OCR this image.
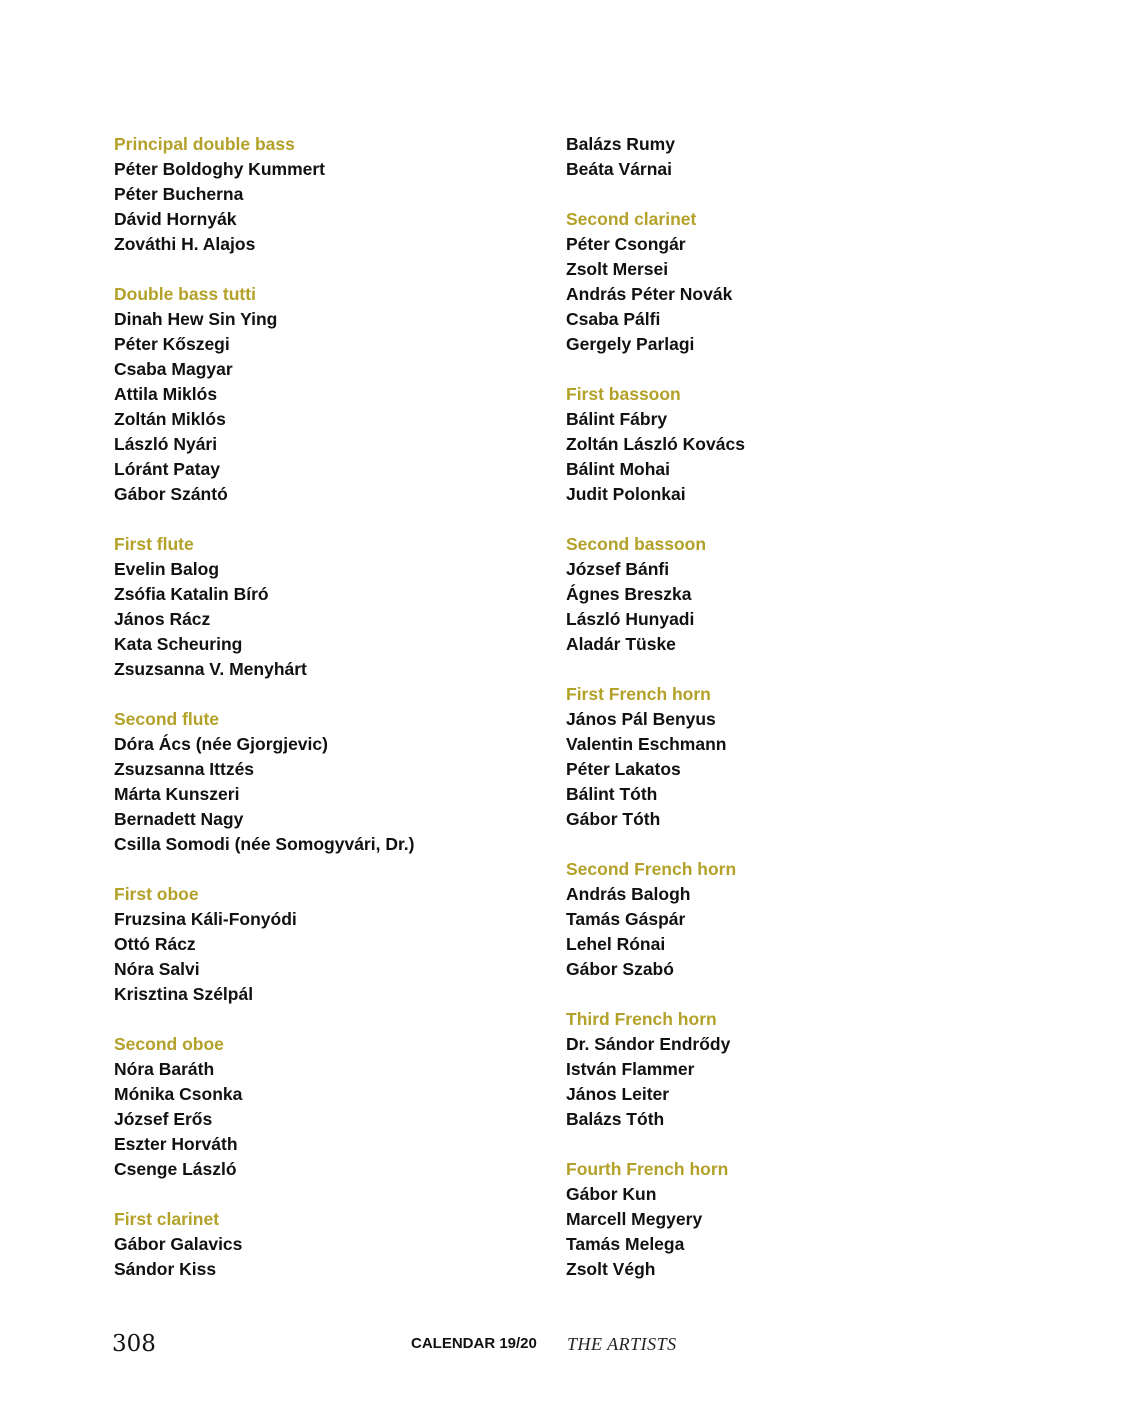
Principal double bass
Péter Boldoghy Kummert
Péter Bucherna
Dávid Hornyák
Zováthi H. Alajos
Double bass tutti
Dinah Hew Sin Ying
Péter Kőszegi
Csaba Magyar
Attila Miklós
Zoltán Miklós
László Nyári
Lóránt Patay
Gábor Szántó
First flute
Evelin Balog
Zsófia Katalin Bíró
János Rácz
Kata Scheuring
Zsuzsanna V. Menyhárt
Second flute
Dóra Ács (née Gjorgjevic)
Zsuzsanna Ittzés
Márta Kunszeri
Bernadett Nagy
Csilla Somodi (née Somogyvári, Dr.)
First oboe
Fruzsina Káli-Fonyódi
Ottó Rácz
Nóra Salvi
Krisztina Szélpál
Second oboe
Nóra Baráth
Mónika Csonka
József Erős
Eszter Horváth
Csenge László
First clarinet
Gábor Galavics
Sándor Kiss
Balázs Rumy
Beáta Várnai
Second clarinet
Péter Csongár
Zsolt Mersei
András Péter Novák
Csaba Pálfi
Gergely Parlagi
First bassoon
Bálint Fábry
Zoltán László Kovács
Bálint Mohai
Judit Polonkai
Second bassoon
József Bánfi
Ágnes Breszka
László Hunyadi
Aladár Tüske
First French horn
János Pál Benyus
Valentin Eschmann
Péter Lakatos
Bálint Tóth
Gábor Tóth
Second French horn
András Balogh
Tamás Gáspár
Lehel Rónai
Gábor Szabó
Third French horn
Dr. Sándor Endrődy
István Flammer
János Leiter
Balázs Tóth
Fourth French horn
Gábor Kun
Marcell Megyery
Tamás Melega
Zsolt Végh
308	CALENDAR 19/20 THE ARTISTS
